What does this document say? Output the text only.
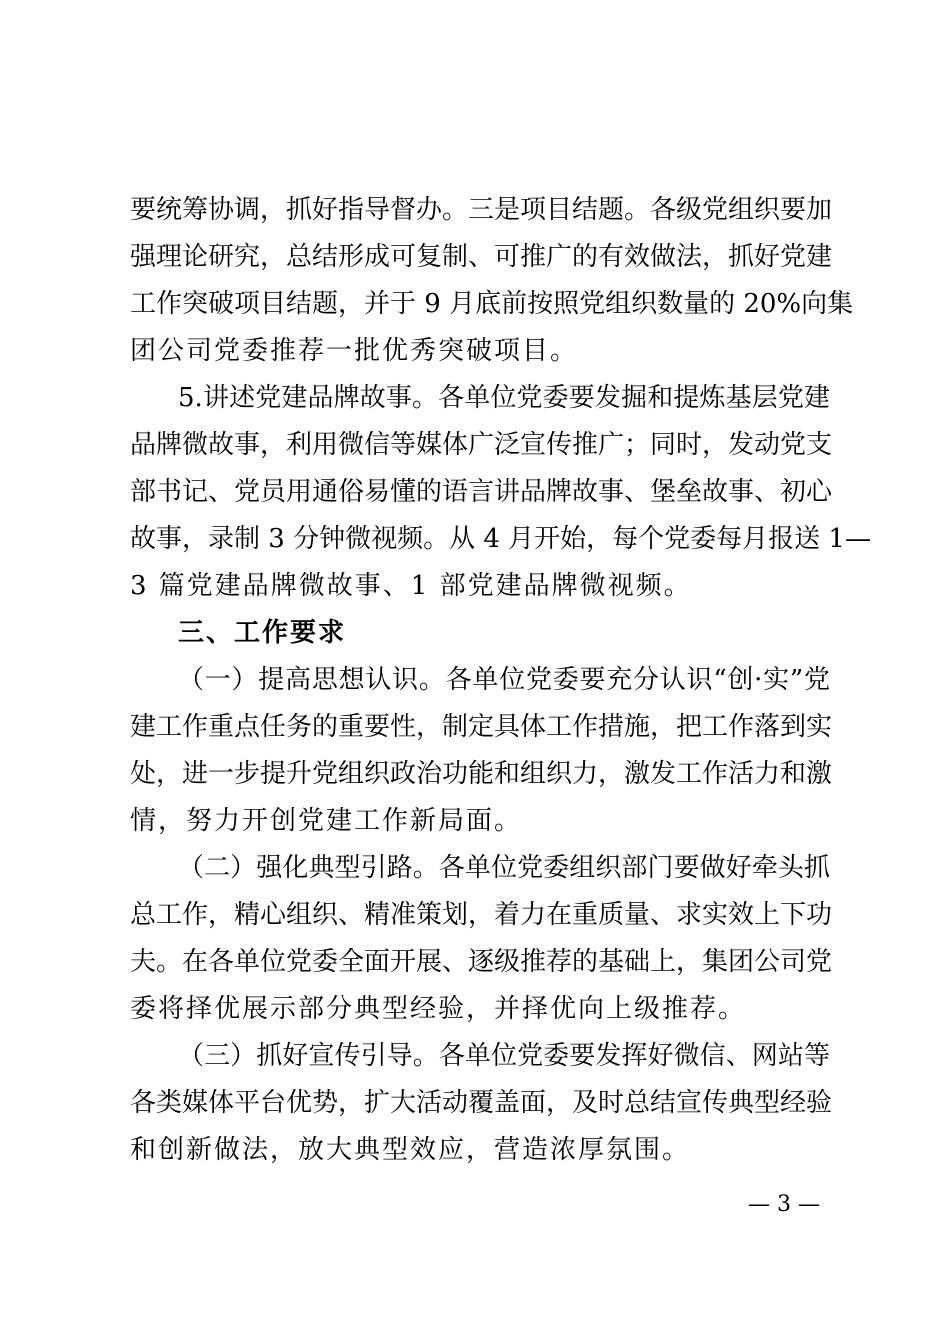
要统筹协调，抓好指导督办。三是项目结题。各级党组织要加
强理论研究，总结形成可复制、可推广的有效做法，抓好党建
工作突破项目结题，并于 9 月底前按照党组织数量的 20%向集
团公司党委推荐一批优秀突破项目。
5.讲述党建品牌故事。各单位党委要发掘和提炼基层党建
品牌微故事，利用微信等媒体广泛宣传推广；同时，发动党支
部书记、党员用通俗易懂的语言讲品牌故事、堡垒故事、初心
故事，录制 3 分钟微视频。从 4 月开始，每个党委每月报送 1—
3 篇党建品牌微故事、1 部党建品牌微视频。
三、工作要求
（一）提高思想认识。各单位党委要充分认识“创·实”党
建工作重点任务的重要性，制定具体工作措施，把工作落到实
处，进一步提升党组织政治功能和组织力，激发工作活力和激
情，努力开创党建工作新局面。
（二）强化典型引路。各单位党委组织部门要做好牵头抓
总工作，精心组织、精准策划，着力在重质量、求实效上下功
夫。在各单位党委全面开展、逐级推荐的基础上，集团公司党
委将择优展示部分典型经验，并择优向上级推荐。
（三）抓好宣传引导。各单位党委要发挥好微信、网站等
各类媒体平台优势，扩大活动覆盖面，及时总结宣传典型经验
和创新做法，放大典型效应，营造浓厚氛围。
— 3 —
